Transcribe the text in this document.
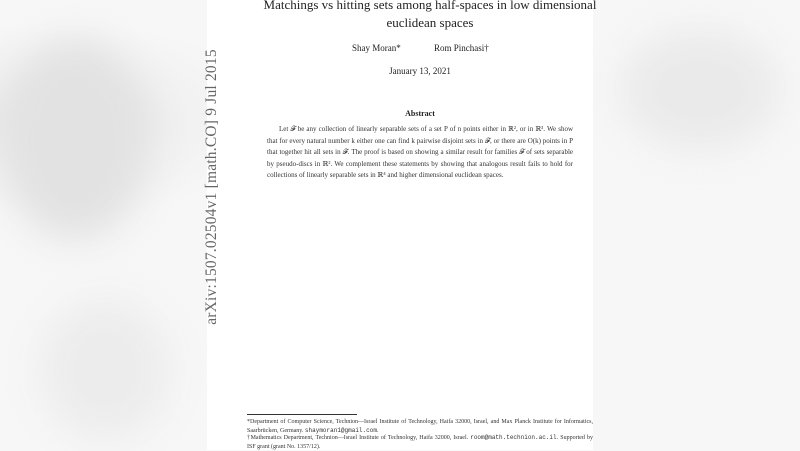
arXiv:1507.02504v1 [math.CO] 9 Jul 2015
Matchings vs hitting sets among half-spaces in low dimensional euclidean spaces
Shay Moran*	Rom Pinchasi†
January 13, 2021
Abstract
Let 𝓕 be any collection of linearly separable sets of a set P of n points either in ℝ², or in ℝ³. We show that for every natural number k either one can find k pairwise disjoint sets in 𝓕, or there are O(k) points in P that together hit all sets in 𝓕. The proof is based on showing a similar result for families 𝓕 of sets separable by pseudo-discs in ℝ². We complement these statements by showing that analogous result fails to hold for collections of linearly separable sets in ℝ⁴ and higher dimensional euclidean spaces.
*Department of Computer Science, Technion—Israel Institute of Technology, Haifa 32000, Israel, and Max Planck Institute for Informatics, Saarbrücken, Germany. shaymoran1@gmail.com.
†Mathematics Department, Technion—Israel Institute of Technology, Haifa 32000, Israel. room@math.technion.ac.il. Supported by ISF grant (grant No. 1357/12).
